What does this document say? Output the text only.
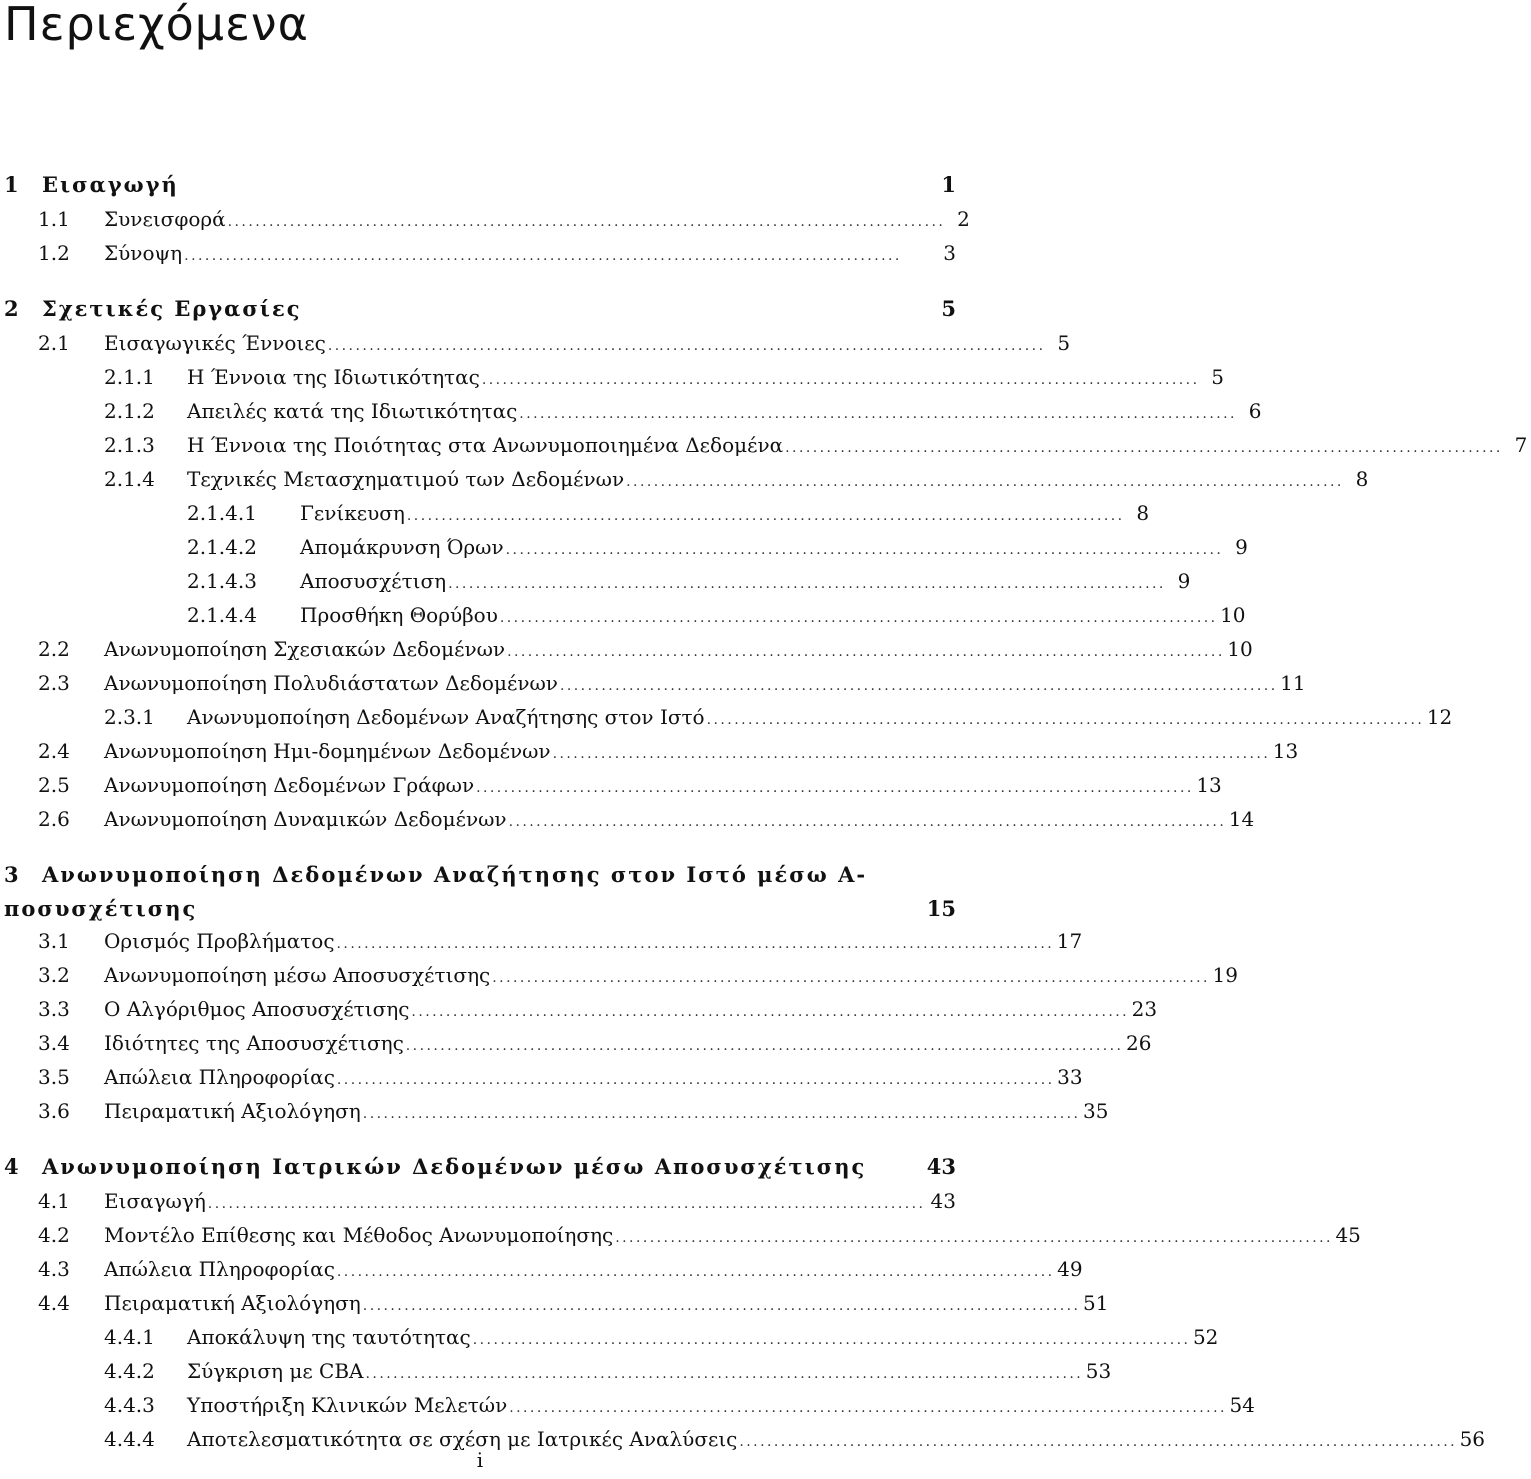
Περιεχόμενα
1 Εισαγωγή	1
1.1 Συνεισφορά . . .	2
1.2 Σύνοψη . . .	3
2 Σχετικές Εργασίες	5
2.1 Εισαγωγικές Έννοιες . . .	5
2.1.1 Η Έννοια της Ιδιωτικότητας . . .	5
2.1.2 Απειλές κατά της Ιδιωτικότητας . . .	6
2.1.3 Η Έννοια της Ποιότητας στα Ανωνυμοποιημένα Δεδομένα . . .	7
2.1.4 Τεχνικές Μετασχηματιμού των Δεδομένων . . .	8
2.1.4.1 Γενίκευση . . .	8
2.1.4.2 Απομάκρυνση Όρων . . .	9
2.1.4.3 Αποσυσχέτιση . . .	9
2.1.4.4 Προσθήκη Θορύβου . . .	10
2.2 Ανωνυμοποίηση Σχεσιακών Δεδομένων . . .	10
2.3 Ανωνυμοποίηση Πολυδιάστατων Δεδομένων . . .	11
2.3.1 Ανωνυμοποίηση Δεδομένων Αναζήτησης στον Ιστό . . .	12
2.4 Ανωνυμοποίηση Ημι-δομημένων Δεδομένων . . .	13
2.5 Ανωνυμοποίηση Δεδομένων Γράφων . . .	13
2.6 Ανωνυμοποίηση Δυναμικών Δεδομένων . . .	14
3 Ανωνυμοποίηση Δεδομένων Αναζήτησης στον Ιστό μέσω Α-
ποσυσχέτισης	15
3.1 Ορισμός Προβλήματος . . .	17
3.2 Ανωνυμοποίηση μέσω Αποσυσχέτισης . . .	19
3.3 Ο Αλγόριθμος Αποσυσχέτισης . . .	23
3.4 Ιδιότητες της Αποσυσχέτισης . . .	26
3.5 Απώλεια Πληροφορίας . . .	33
3.6 Πειραματική Αξιολόγηση . . .	35
4 Ανωνυμοποίηση Ιατρικών Δεδομένων μέσω Αποσυσχέτισης	43
4.1 Εισαγωγή . . .	43
4.2 Μοντέλο Επίθεσης και Μέθοδος Ανωνυμοποίησης . . .	45
4.3 Απώλεια Πληροφορίας . . .	49
4.4 Πειραματική Αξιολόγηση . . .	51
4.4.1 Αποκάλυψη της ταυτότητας . . .	52
4.4.2 Σύγκριση με CBA . . .	53
4.4.3 Υποστήριξη Κλινικών Μελετών . . .	54
4.4.4 Αποτελεσματικότητα σε σχέση με Ιατρικές Αναλύσεις . . .	56
i
